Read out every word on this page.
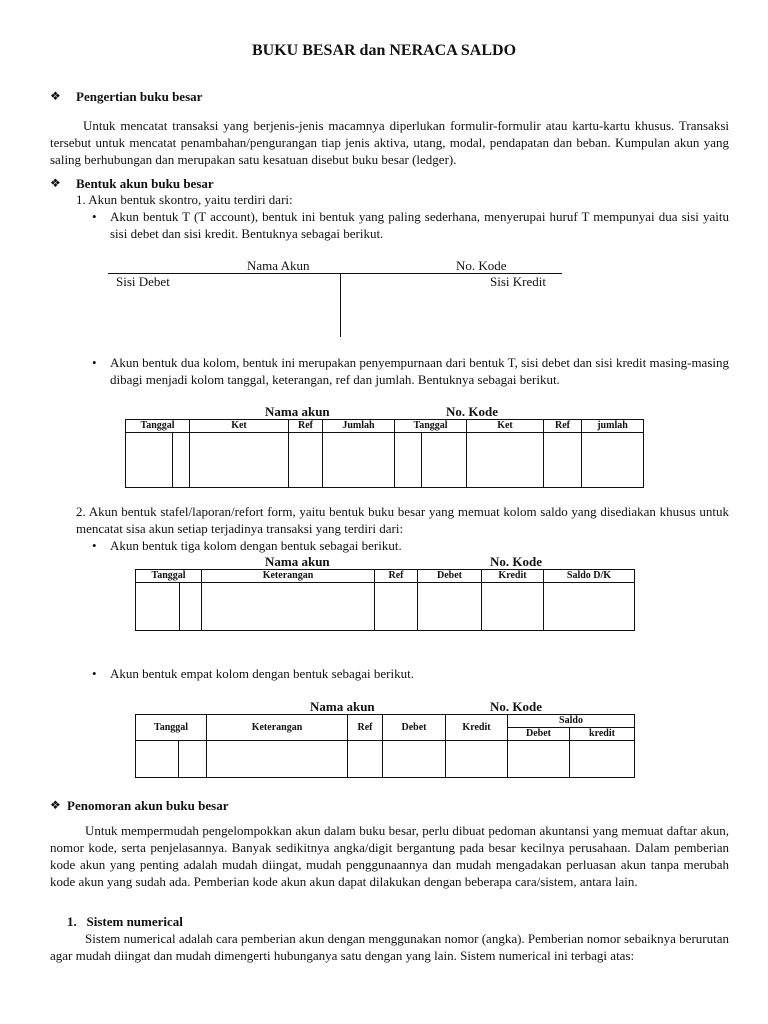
BUKU BESAR dan NERACA SALDO
❖ Pengertian buku besar
Untuk mencatat transaksi yang berjenis-jenis macamnya diperlukan formulir-formulir atau kartu-kartu khusus. Transaksi tersebut untuk mencatat penambahan/pengurangan tiap jenis aktiva, utang, modal, pendapatan dan beban. Kumpulan akun yang saling berhubungan dan merupakan satu kesatuan disebut buku besar (ledger).
❖ Bentuk akun buku besar
1. Akun bentuk skontro, yaitu terdiri dari:
• Akun bentuk T (T account), bentuk ini bentuk yang paling sederhana, menyerupai huruf T mempunyai dua sisi yaitu sisi debet dan sisi kredit. Bentuknya sebagai berikut.
Nama Akun	No. Kode
Sisi Debet	Sisi Kredit
• Akun bentuk dua kolom, bentuk ini merupakan penyempurnaan dari bentuk T, sisi debet dan sisi kredit masing-masing dibagi menjadi kolom tanggal, keterangan, ref dan jumlah. Bentuknya sebagai berikut.
Nama akun	No. Kode
Tanggal		Ket	Ref	Jumlah	Tanggal		Ket	Ref	jumlah

2. Akun bentuk stafel/laporan/refort form, yaitu bentuk buku besar yang memuat kolom saldo yang disediakan khusus untuk mencatat sisa akun setiap terjadinya transaksi yang terdiri dari:
• Akun bentuk tiga kolom dengan bentuk sebagai berikut.
Nama akun	No. Kode
Tanggal		Keterangan	Ref	Debet	Kredit	Saldo D/K

• Akun bentuk empat kolom dengan bentuk sebagai berikut.
Nama akun	No. Kode
Tanggal		Keterangan	Ref	Debet	Kredit	Saldo	
						Debet	kredit

❖ Penomoran akun buku besar
Untuk mempermudah pengelompokkan akun dalam buku besar, perlu dibuat pedoman akuntansi yang memuat daftar akun, nomor kode, serta penjelasannya. Banyak sedikitnya angka/digit bergantung pada besar kecilnya perusahaan. Dalam pemberian kode akun yang penting adalah mudah diingat, mudah penggunaannya dan mudah mengadakan perluasan akun tanpa merubah kode akun yang sudah ada. Pemberian kode akun akun dapat dilakukan dengan beberapa cara/sistem, antara lain.
1.   Sistem numerical
Sistem numerical adalah cara pemberian akun dengan menggunakan nomor (angka). Pemberian nomor sebaiknya berurutan agar mudah diingat dan mudah dimengerti hubunganya satu dengan yang lain. Sistem numerical ini terbagi atas:
